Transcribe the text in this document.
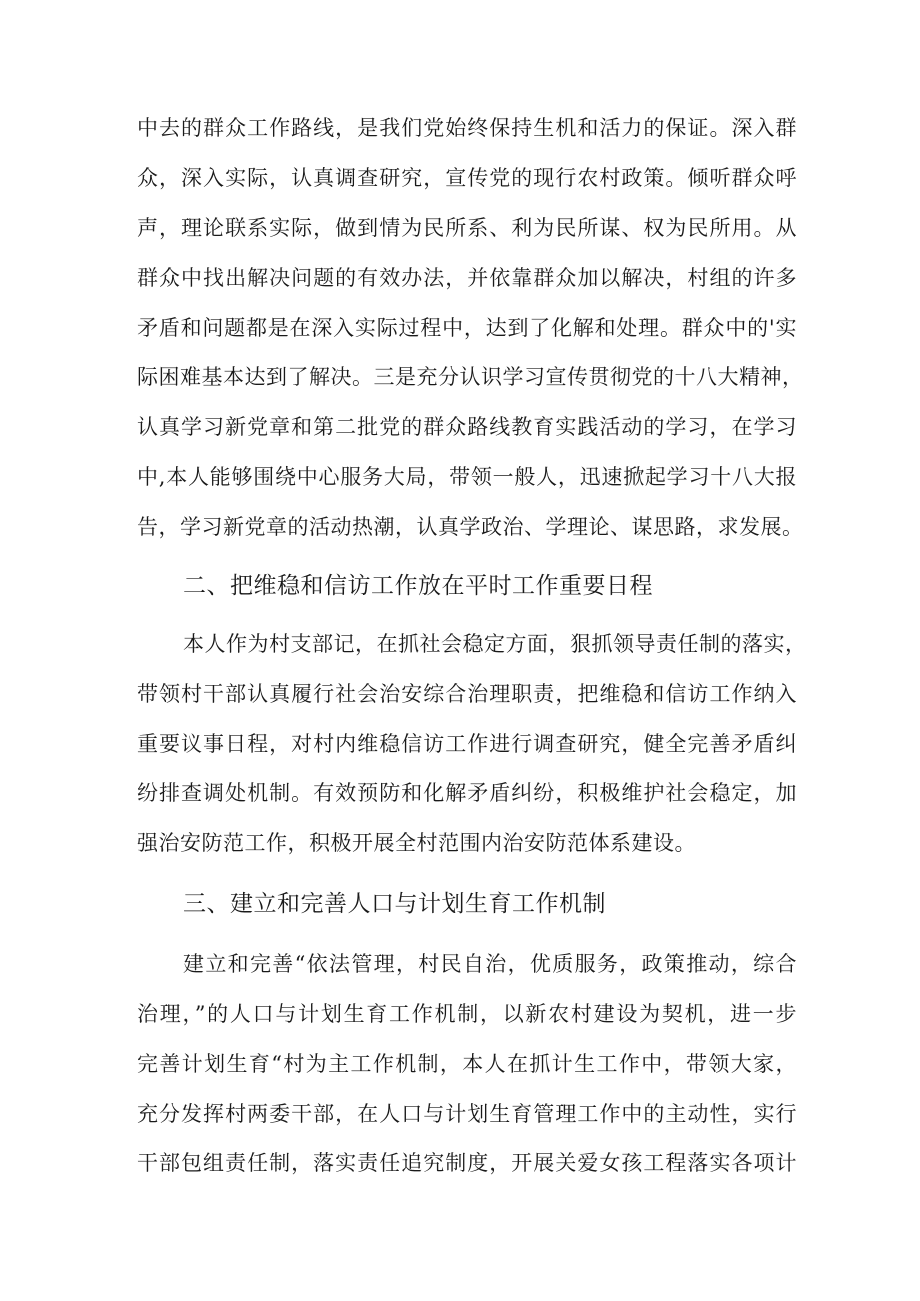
中去的群众工作路线，是我们党始终保持生机和活力的保证。深入群
众，深入实际，认真调查研究，宣传党的现行农村政策。倾听群众呼
声，理论联系实际，做到情为民所系、利为民所谋、权为民所用。从
群众中找出解决问题的有效办法，并依靠群众加以解决，村组的许多
矛盾和问题都是在深入实际过程中，达到了化解和处理。群众中的'实
际困难基本达到了解决。三是充分认识学习宣传贯彻党的十八大精神，
认真学习新党章和第二批党的群众路线教育实践活动的学习，在学习
中,本人能够围绕中心服务大局，带领一般人，迅速掀起学习十八大报
告，学习新党章的活动热潮，认真学政治、学理论、谋思路，求发展。
二、把维稳和信访工作放在平时工作重要日程
本人作为村支部记，在抓社会稳定方面，狠抓领导责任制的落实，
带领村干部认真履行社会治安综合治理职责，把维稳和信访工作纳入
重要议事日程，对村内维稳信访工作进行调查研究，健全完善矛盾纠
纷排查调处机制。有效预防和化解矛盾纠纷，积极维护社会稳定，加
强治安防范工作，积极开展全村范围内治安防范体系建设。
三、建立和完善人口与计划生育工作机制
建立和完善“依法管理，村民自治，优质服务，政策推动，综合
治理，”的人口与计划生育工作机制，以新农村建设为契机，进一步
完善计划生育“村为主工作机制，本人在抓计生工作中，带领大家，
充分发挥村两委干部，在人口与计划生育管理工作中的主动性，实行
干部包组责任制，落实责任追究制度，开展关爱女孩工程落实各项计
